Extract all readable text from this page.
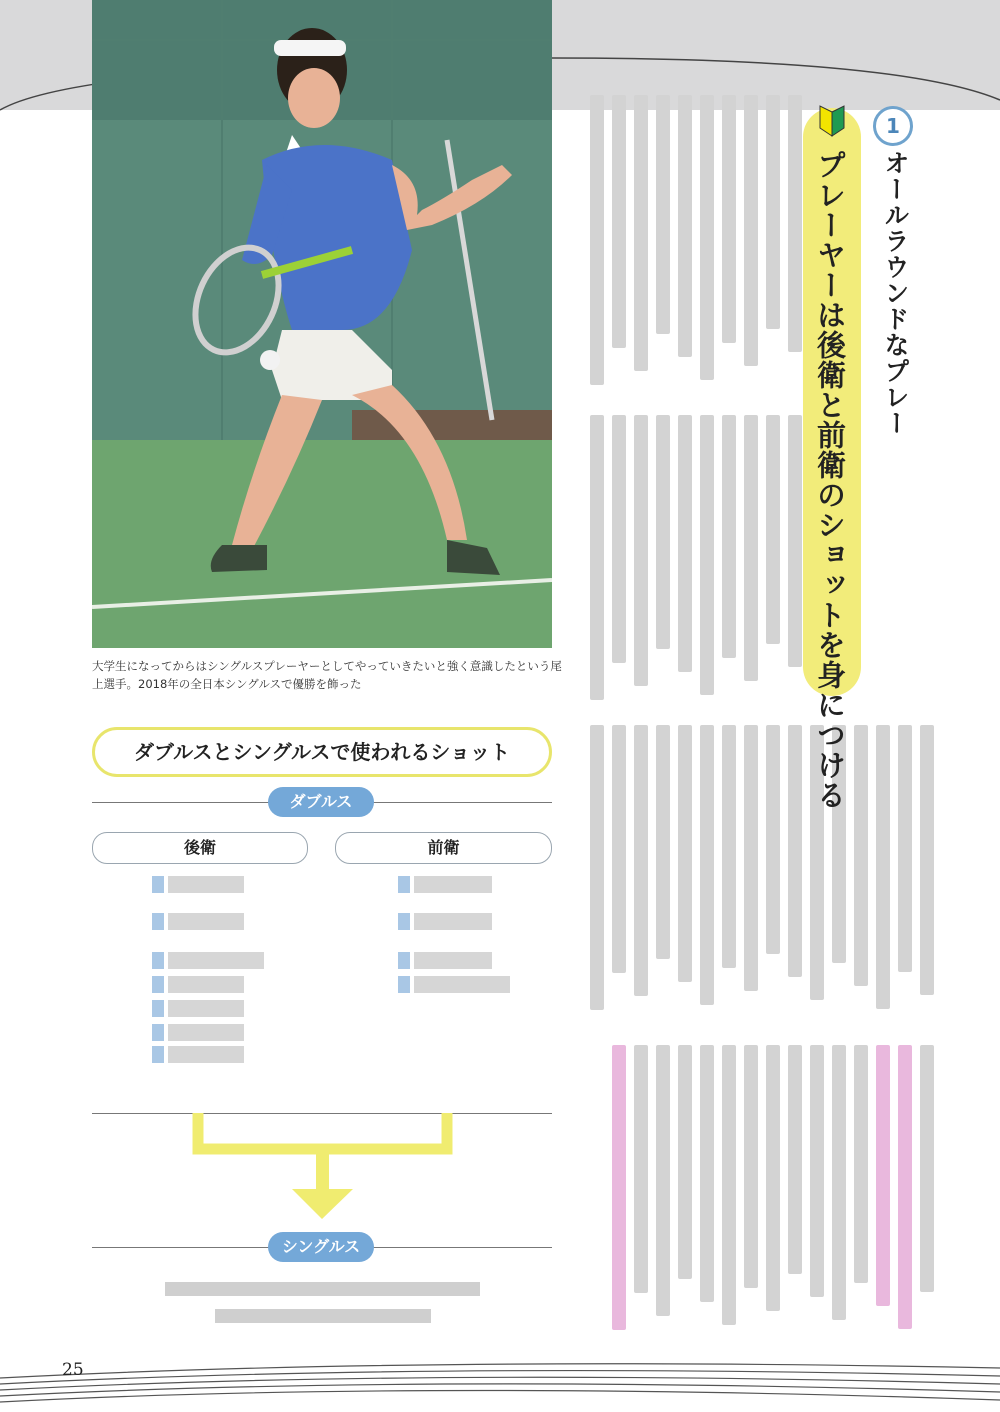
大学生になってからはシングルスプレーヤーとしてやっていきたいと強く意識したという尾上選手。2018年の全日本シングルスで優勝を飾った
1
オールラウンドなプレー
プレーヤーは後衛と前衛のショットを身につける
ダブルスとシングルスで使われるショット
ダブルス
後衛	前衛
シングルス
25
